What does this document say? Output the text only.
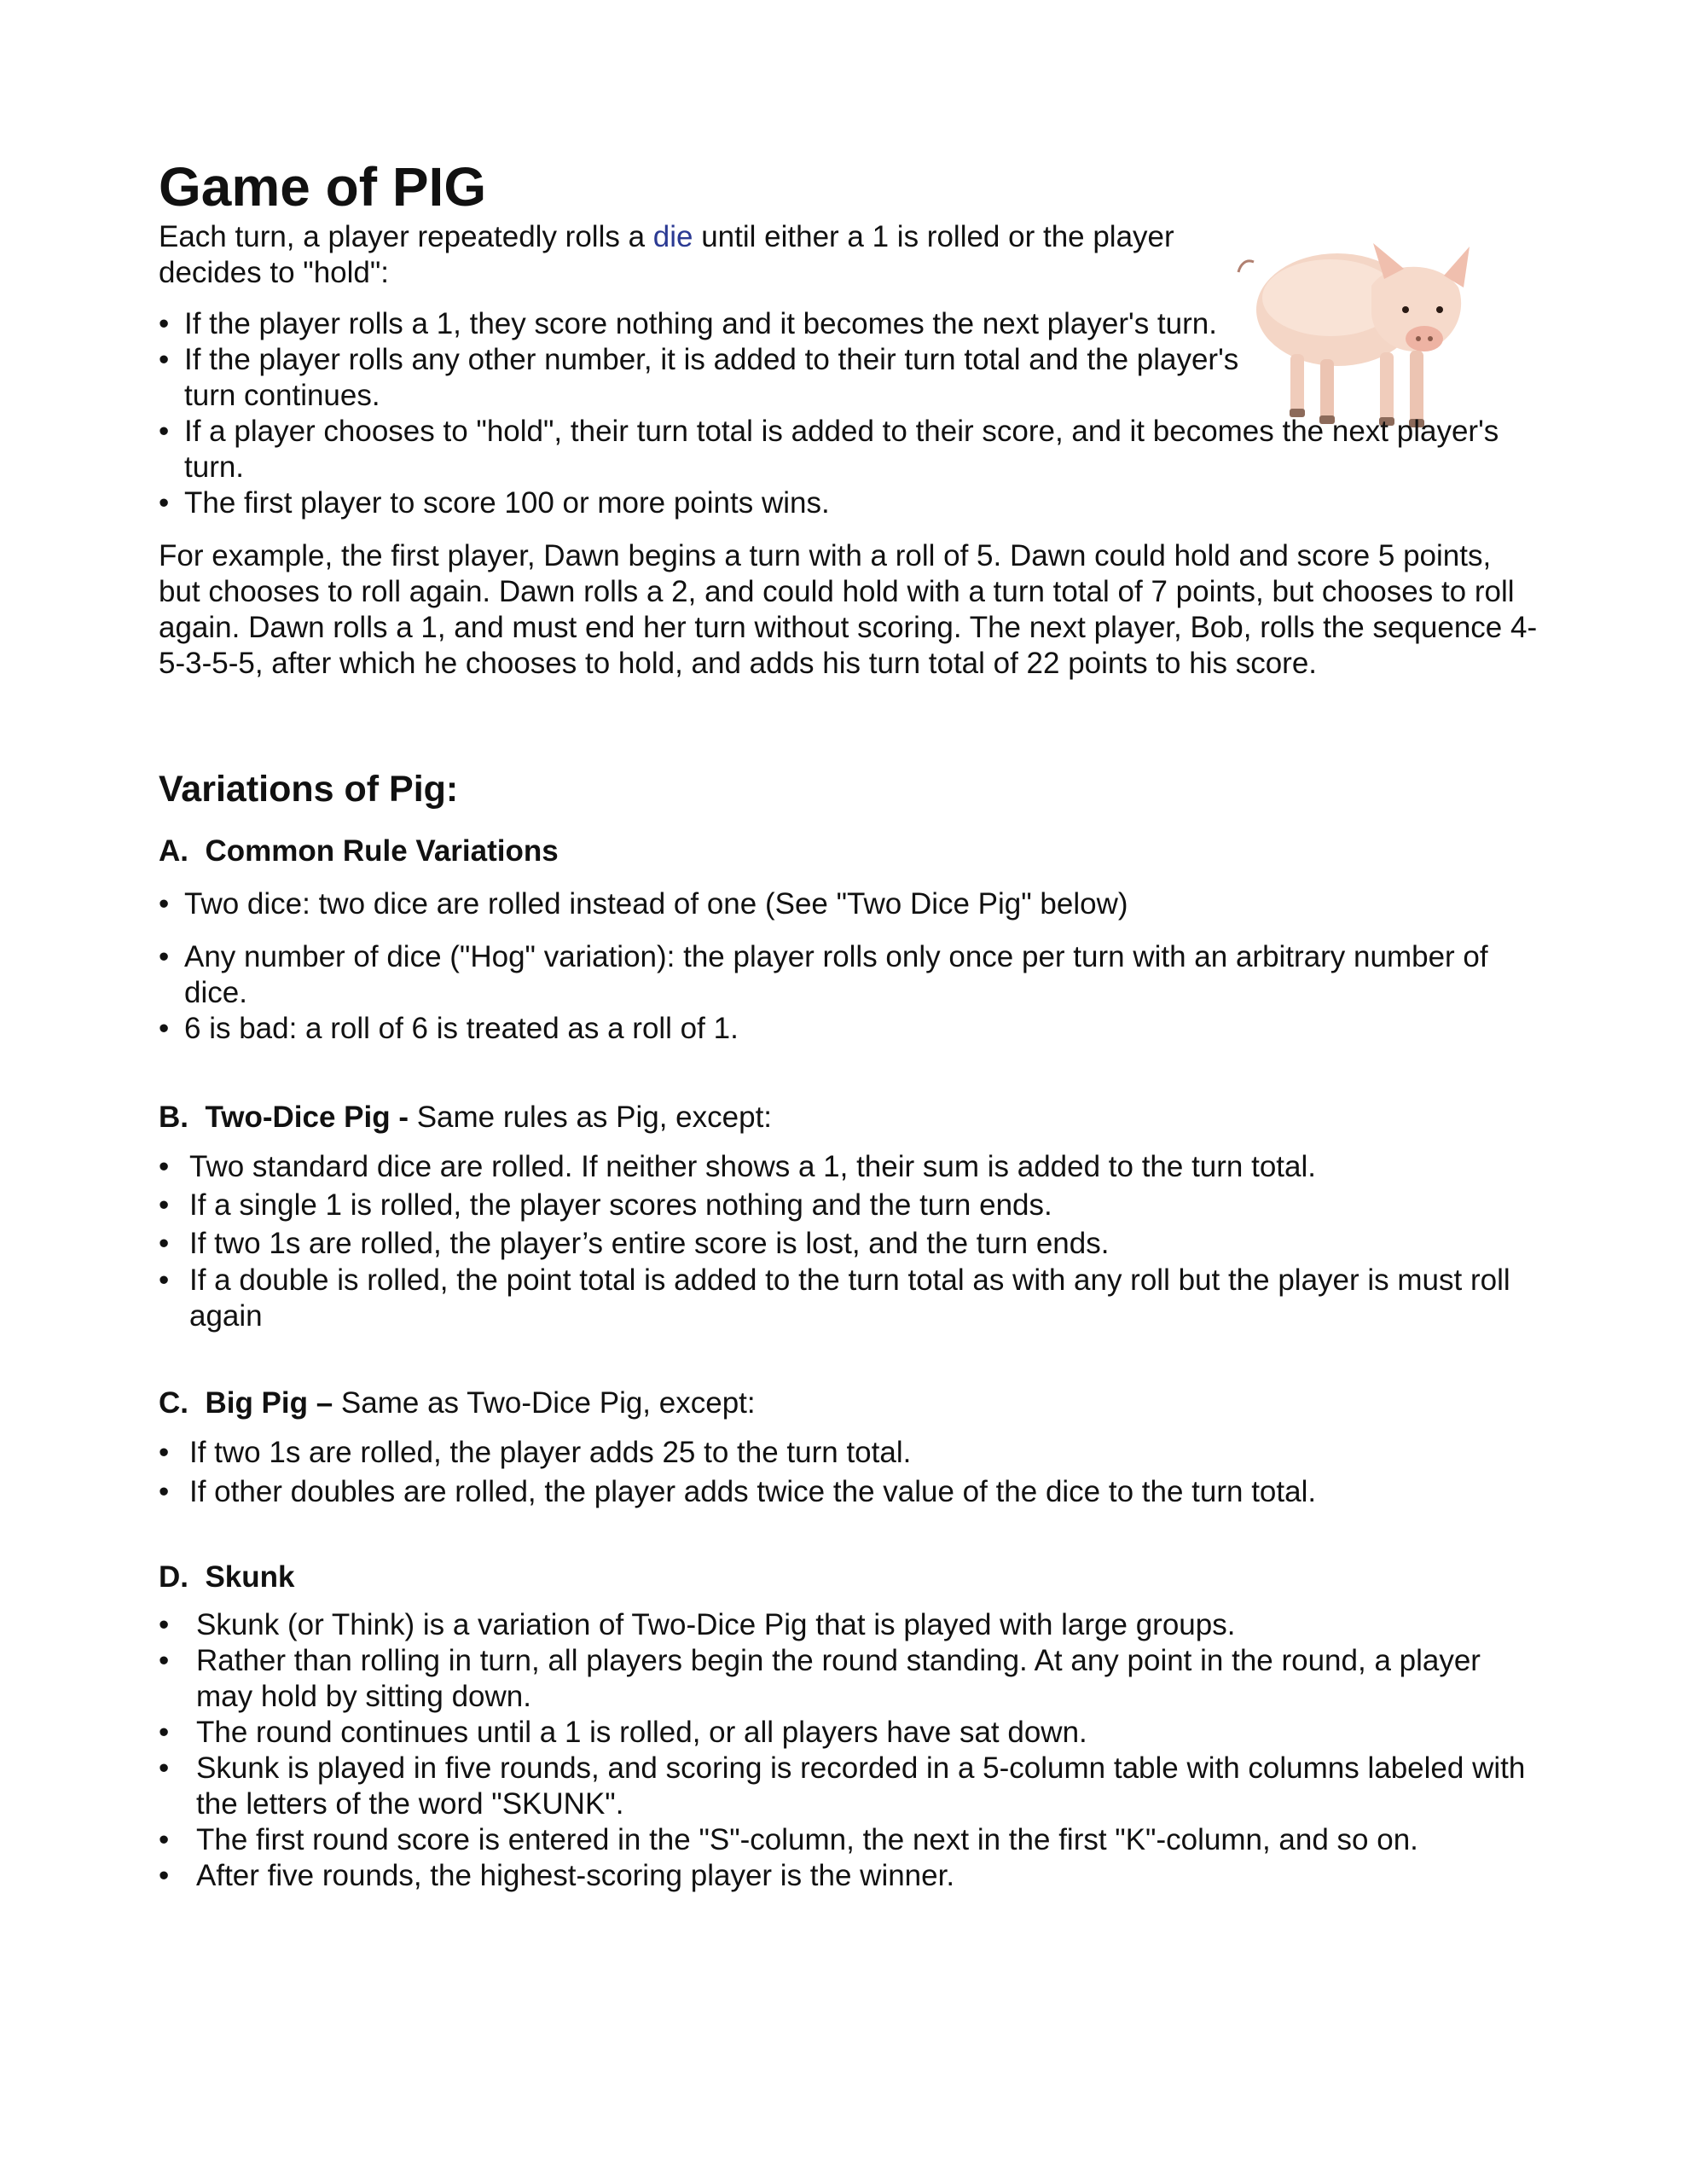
Game of PIG

Each turn, a player repeatedly rolls a die until either a 1 is rolled or the player decides to "hold":

• If the player rolls a 1, they score nothing and it becomes the next player's turn.
• If the player rolls any other number, it is added to their turn total and the player's turn continues.
• If a player chooses to "hold", their turn total is added to their score, and it becomes the next player's turn.
• The first player to score 100 or more points wins.

For example, the first player, Dawn begins a turn with a roll of 5. Dawn could hold and score 5 points, but chooses to roll again. Dawn rolls a 2, and could hold with a turn total of 7 points, but chooses to roll again. Dawn rolls a 1, and must end her turn without scoring. The next player, Bob, rolls the sequence 4-5-3-5-5, after which he chooses to hold, and adds his turn total of 22 points to his score.

Variations of Pig:

A. Common Rule Variations

• Two dice: two dice are rolled instead of one (See "Two Dice Pig" below)
• Any number of dice ("Hog" variation): the player rolls only once per turn with an arbitrary number of dice.
• 6 is bad: a roll of 6 is treated as a roll of 1.

B. Two-Dice Pig - Same rules as Pig, except:

• Two standard dice are rolled. If neither shows a 1, their sum is added to the turn total.
• If a single 1 is rolled, the player scores nothing and the turn ends.
• If two 1s are rolled, the player’s entire score is lost, and the turn ends.
• If a double is rolled, the point total is added to the turn total as with any roll but the player is must roll again

C. Big Pig – Same as Two-Dice Pig, except:

• If two 1s are rolled, the player adds 25 to the turn total.
• If other doubles are rolled, the player adds twice the value of the dice to the turn total.

D. Skunk

• Skunk (or Think) is a variation of Two-Dice Pig that is played with large groups.
• Rather than rolling in turn, all players begin the round standing. At any point in the round, a player may hold by sitting down.
• The round continues until a 1 is rolled, or all players have sat down.
• Skunk is played in five rounds, and scoring is recorded in a 5-column table with columns labeled with the letters of the word "SKUNK".
• The first round score is entered in the "S"-column, the next in the first "K"-column, and so on.
• After five rounds, the highest-scoring player is the winner.
